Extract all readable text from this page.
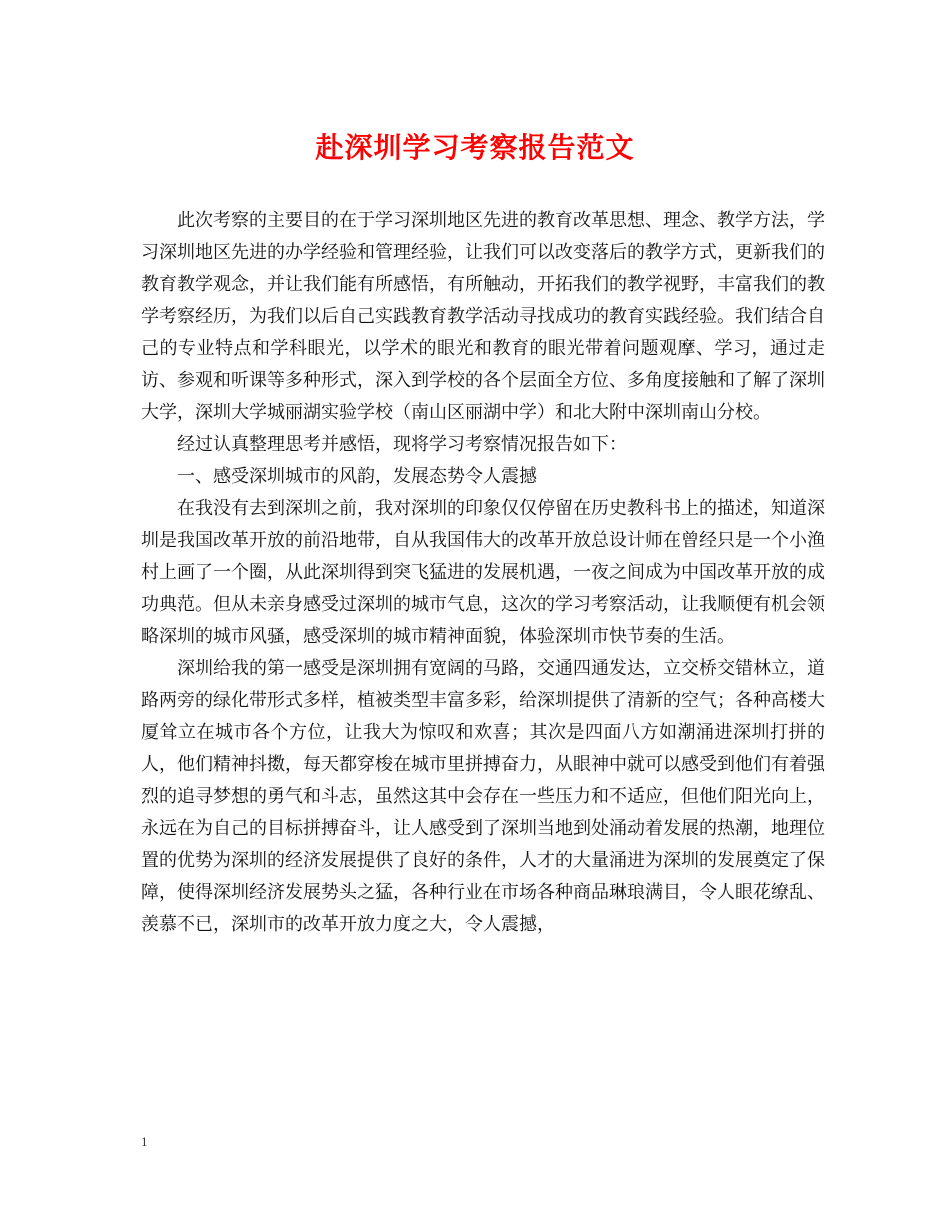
赴深圳学习考察报告范文

此次考察的主要目的在于学习深圳地区先进的教育改革思想、理念、教学方法，学习深圳地区先进的办学经验和管理经验，让我们可以改变落后的教学方式，更新我们的教育教学观念，并让我们能有所感悟，有所触动，开拓我们的教学视野，丰富我们的教学考察经历，为我们以后自己实践教育教学活动寻找成功的教育实践经验。我们结合自己的专业特点和学科眼光，以学术的眼光和教育的眼光带着问题观摩、学习，通过走访、参观和听课等多种形式，深入到学校的各个层面全方位、多角度接触和了解了深圳大学，深圳大学城丽湖实验学校（南山区丽湖中学）和北大附中深圳南山分校。

经过认真整理思考并感悟，现将学习考察情况报告如下：

一、感受深圳城市的风韵，发展态势令人震撼

在我没有去到深圳之前，我对深圳的印象仅仅停留在历史教科书上的描述，知道深圳是我国改革开放的前沿地带，自从我国伟大的改革开放总设计师在曾经只是一个小渔村上画了一个圈，从此深圳得到突飞猛进的发展机遇，一夜之间成为中国改革开放的成功典范。但从未亲身感受过深圳的城市气息，这次的学习考察活动，让我顺便有机会领略深圳的城市风骚，感受深圳的城市精神面貌，体验深圳市快节奏的生活。

深圳给我的第一感受是深圳拥有宽阔的马路，交通四通发达，立交桥交错林立，道路两旁的绿化带形式多样，植被类型丰富多彩，给深圳提供了清新的空气；各种高楼大厦耸立在城市各个方位，让我大为惊叹和欢喜；其次是四面八方如潮涌进深圳打拼的人，他们精神抖擞，每天都穿梭在城市里拼搏奋力，从眼神中就可以感受到他们有着强烈的追寻梦想的勇气和斗志，虽然这其中会存在一些压力和不适应，但他们阳光向上，永远在为自己的目标拼搏奋斗，让人感受到了深圳当地到处涌动着发展的热潮，地理位置的优势为深圳的经济发展提供了良好的条件，人才的大量涌进为深圳的发展奠定了保障，使得深圳经济发展势头之猛，各种行业在市场各种商品琳琅满目，令人眼花缭乱、羡慕不已，深圳市的改革开放力度之大，令人震撼，

1
